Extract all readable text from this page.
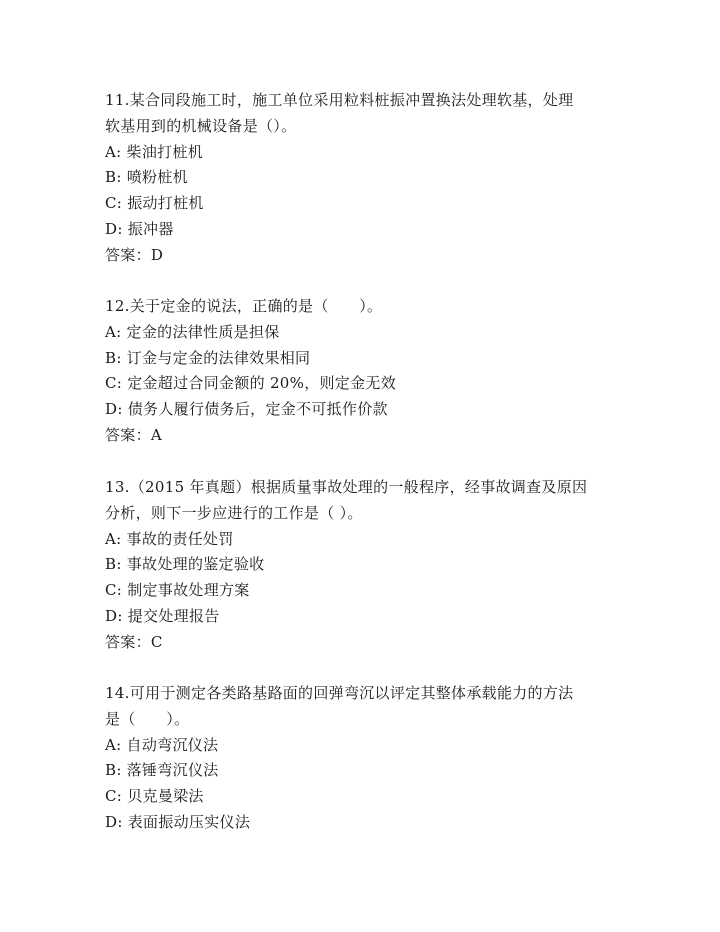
11.某合同段施工时，施工单位采用粒料桩振冲置换法处理软基，处理
软基用到的机械设备是（）。
A: 柴油打桩机
B: 喷粉桩机
C: 振动打桩机
D: 振冲器
答案：D
12.关于定金的说法，正确的是（　　）。
A: 定金的法律性质是担保
B: 订金与定金的法律效果相同
C: 定金超过合同金额的 20%，则定金无效
D: 债务人履行债务后，定金不可抵作价款
答案：A
13.（2015 年真题）根据质量事故处理的一般程序，经事故调查及原因
分析，则下一步应进行的工作是（ ）。
A: 事故的责任处罚
B: 事故处理的鉴定验收
C: 制定事故处理方案
D: 提交处理报告
答案：C
14.可用于测定各类路基路面的回弹弯沉以评定其整体承载能力的方法
是（　　）。
A: 自动弯沉仪法
B: 落锤弯沉仪法
C: 贝克曼梁法
D: 表面振动压实仪法
